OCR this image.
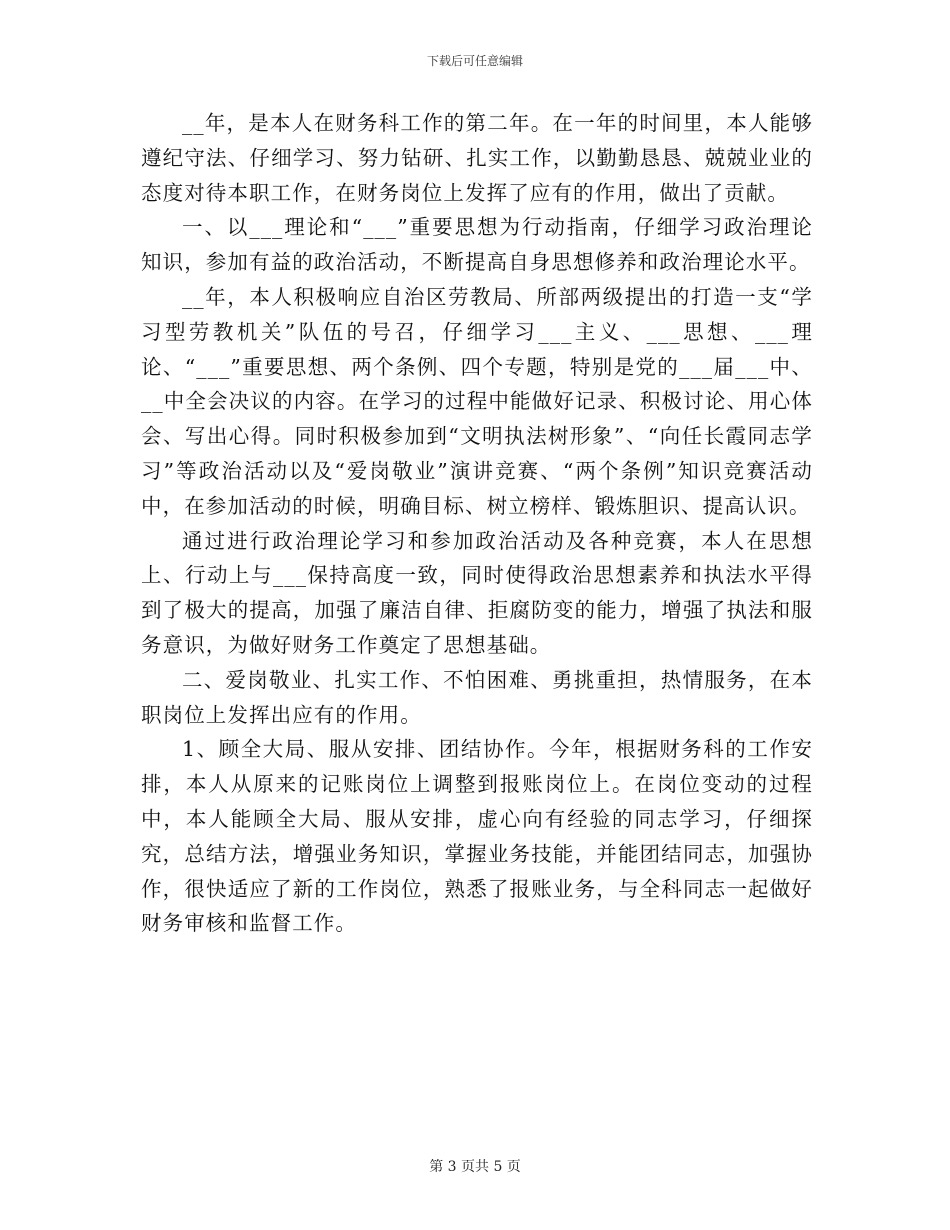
下载后可任意编辑

__年，是本人在财务科工作的第二年。在一年的时间里，本人能够遵纪守法、仔细学习、努力钻研、扎实工作，以勤勤恳恳、兢兢业业的态度对待本职工作，在财务岗位上发挥了应有的作用，做出了贡献。

一、以___理论和“___”重要思想为行动指南，仔细学习政治理论知识，参加有益的政治活动，不断提高自身思想修养和政治理论水平。

__年，本人积极响应自治区劳教局、所部两级提出的打造一支“学习型劳教机关”队伍的号召，仔细学习___主义、___思想、___理论、“___”重要思想、两个条例、四个专题，特别是党的___届___中、__中全会决议的内容。在学习的过程中能做好记录、积极讨论、用心体会、写出心得。同时积极参加到“文明执法树形象”、“向任长霞同志学习”等政治活动以及“爱岗敬业”演讲竞赛、“两个条例”知识竞赛活动中，在参加活动的时候，明确目标、树立榜样、锻炼胆识、提高认识。

通过进行政治理论学习和参加政治活动及各种竞赛，本人在思想上、行动上与___保持高度一致，同时使得政治思想素养和执法水平得到了极大的提高，加强了廉洁自律、拒腐防变的能力，增强了执法和服务意识，为做好财务工作奠定了思想基础。

二、爱岗敬业、扎实工作、不怕困难、勇挑重担，热情服务，在本职岗位上发挥出应有的作用。

1、顾全大局、服从安排、团结协作。今年，根据财务科的工作安排，本人从原来的记账岗位上调整到报账岗位上。在岗位变动的过程中，本人能顾全大局、服从安排，虚心向有经验的同志学习，仔细探究，总结方法，增强业务知识，掌握业务技能，并能团结同志，加强协作，很快适应了新的工作岗位，熟悉了报账业务，与全科同志一起做好财务审核和监督工作。

第 3 页共 5 页
